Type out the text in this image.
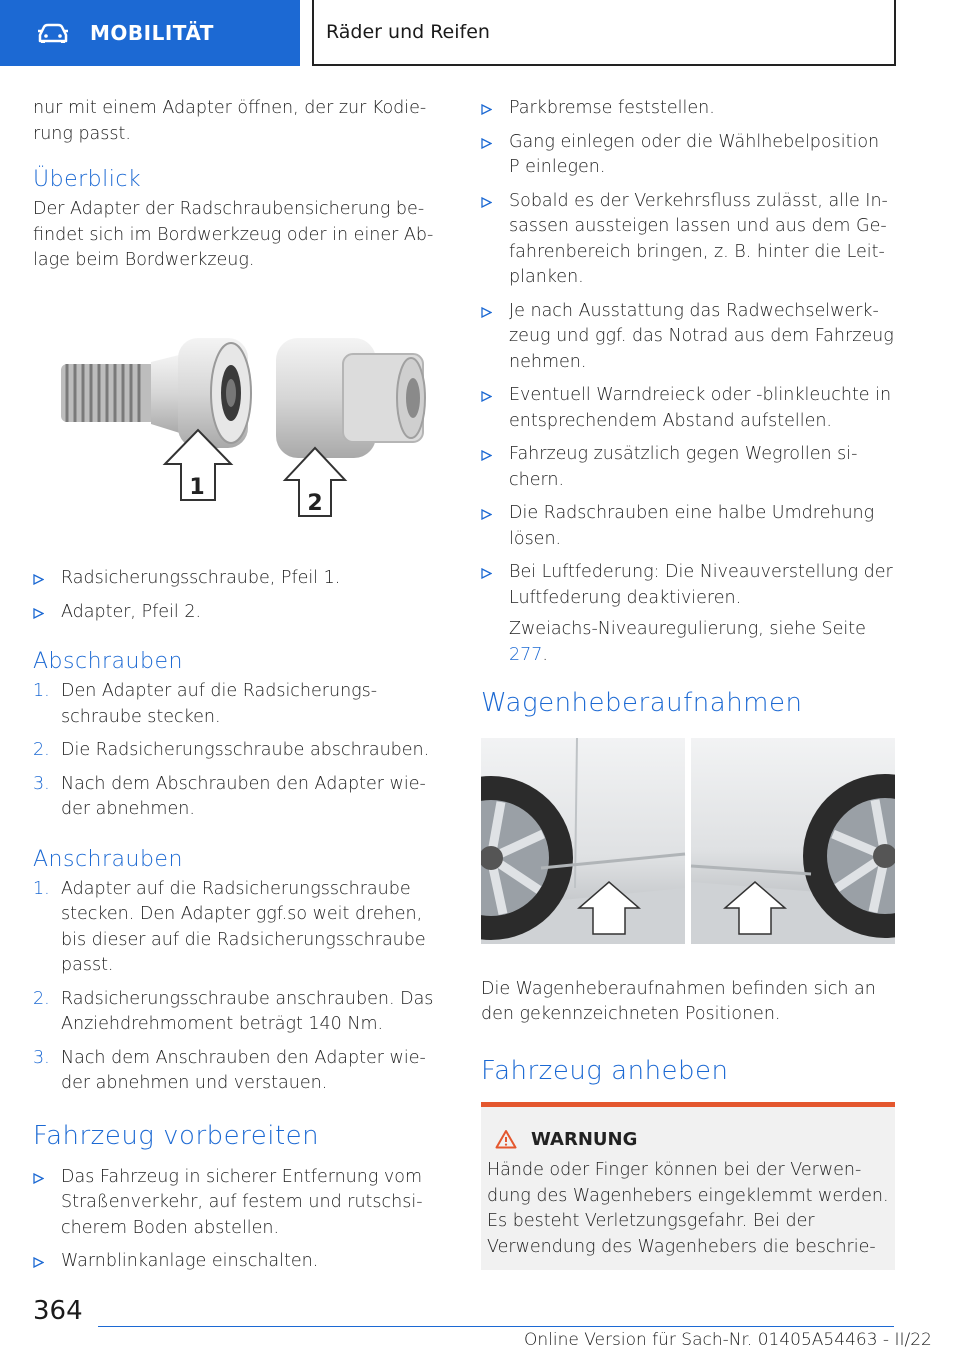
MOBILITÄT	Räder und Reifen

nur mit einem Adapter öffnen, der zur Kodierung passt.

Überblick

Der Adapter der Radschraubensicherung befindet sich im Bordwerkzeug oder in einer Ablage beim Bordwerkzeug.

1
2
Radsicherungsschraube, Pfeil 1.
Adapter, Pfeil 2.
Abschrauben
1. Den Adapter auf die Radsicherungsschraube stecken.
2. Die Radsicherungsschraube abschrauben.
3. Nach dem Abschrauben den Adapter wieder abnehmen.
Anschrauben
1. Adapter auf die Radsicherungsschraube stecken. Den Adapter ggf.so weit drehen, bis dieser auf die Radsicherungsschraube passt.
2. Radsicherungsschraube anschrauben. Das Anziehdrehmoment beträgt 140 Nm.
3. Nach dem Anschrauben den Adapter wieder abnehmen und verstauen.
Fahrzeug vorbereiten
Das Fahrzeug in sicherer Entfernung vom Straßenverkehr, auf festem und rutschsicherem Boden abstellen.
Warnblinkanlage einschalten.
Parkbremse feststellen.
Gang einlegen oder die Wählhebelposition P einlegen.
Sobald es der Verkehrsfluss zulässt, alle Insassen aussteigen lassen und aus dem Gefahrenbereich bringen, z. B. hinter die Leitplanken.
Je nach Ausstattung das Radwechselwerkzeug und ggf. das Notrad aus dem Fahrzeug nehmen.
Eventuell Warndreieck oder -blinkleuchte in entsprechendem Abstand aufstellen.
Fahrzeug zusätzlich gegen Wegrollen sichern.
Die Radschrauben eine halbe Umdrehung lösen.
Bei Luftfederung: Die Niveauverstellung der Luftfederung deaktivieren.

Zweiachs-Niveauregulierung, siehe Seite 277.

Wagenheberaufnahmen

Die Wagenheberaufnahmen befinden sich an den gekennzeichneten Positionen.

Fahrzeug anheben
WARNUNG

Hände oder Finger können bei der Verwendung des Wagenhebers eingeklemmt werden. Es besteht Verletzungsgefahr. Bei der Verwendung des Wagenhebers die beschrie-

364
Online Version für Sach-Nr. 01405A54463 - II/22
